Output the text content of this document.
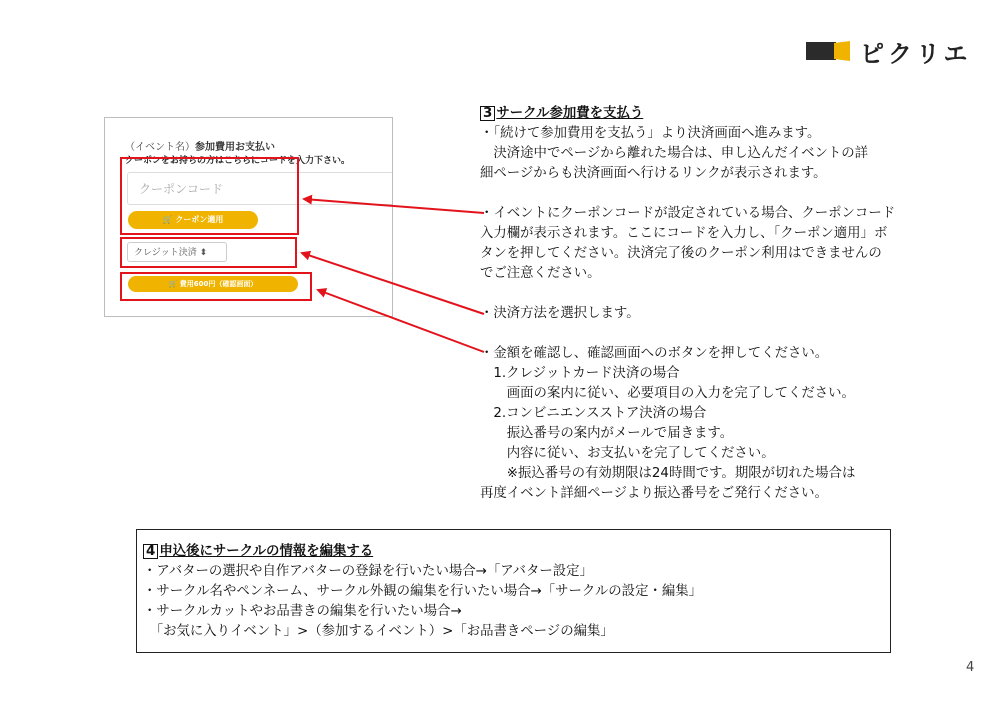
ピクリエ
（イベント名）参加費用お支払い
クーポンをお持ちの方はこちらにコードを入力下さい。
クーポンコード
🛒 クーポン適用
クレジット決済 ⬍
🛒 費用600円（確認画面）

3 サークル参加費を支払う

・「続けて参加費用を支払う」より決済画面へ進みます。

　決済途中でページから離れた場合は、申し込んだイベントの詳

細ページからも決済画面へ行けるリンクが表示されます。

・イベントにクーポンコードが設定されている場合、クーポンコード

入力欄が表示されます。ここにコードを入力し、「クーポン適用」ボ

タンを押してください。決済完了後のクーポン利用はできませんの

でご注意ください。

・決済方法を選択します。

・金額を確認し、確認画面へのボタンを押してください。

　1.クレジットカード決済の場合

　　画面の案内に従い、必要項目の入力を完了してください。

　2.コンビニエンスストア決済の場合

　　振込番号の案内がメールで届きます。

　　内容に従い、お支払いを完了してください。

　　※振込番号の有効期限は24時間です。期限が切れた場合は

再度イベント詳細ページより振込番号をご発行ください。

4 申込後にサークルの情報を編集する

・アバターの選択や自作アバターの登録を行いたい場合→「アバター設定」

・サークル名やペンネーム、サークル外観の編集を行いたい場合→「サークルの設定・編集」

・サークルカットやお品書きの編集を行いたい場合→

　「お気に入りイベント」>（参加するイベント）>「お品書きページの編集」

4
